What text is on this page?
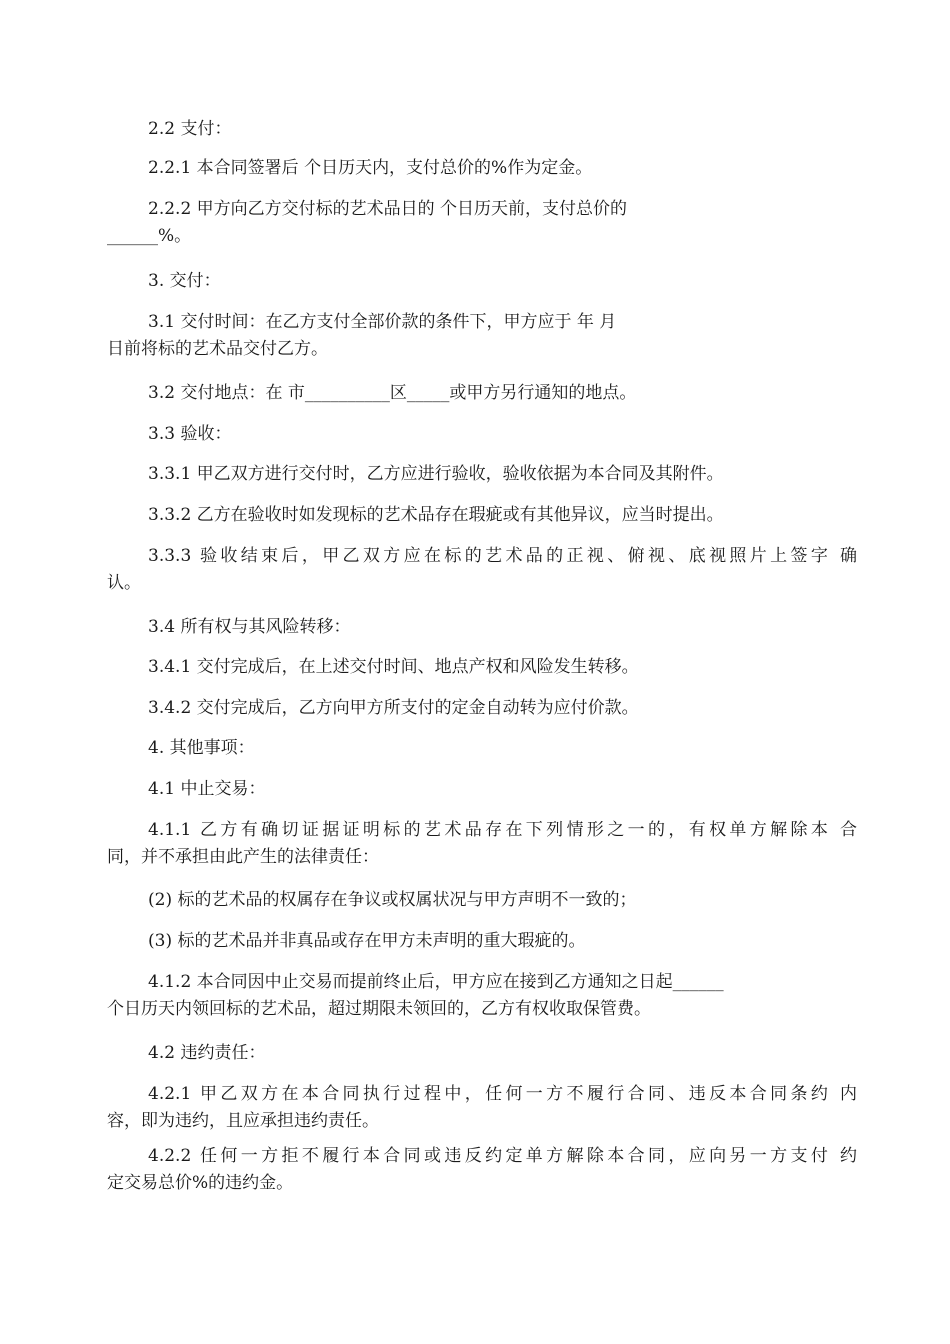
2.2 支付：
2.2.1 本合同签署后 个日历天内，支付总价的%作为定金。
2.2.2 甲方向乙方交付标的艺术品日的 个日历天前，支付总价的
______%。
3. 交付：
3.1 交付时间：在乙方支付全部价款的条件下，甲方应于 年 月
日前将标的艺术品交付乙方。
3.2 交付地点：在 市__________区_____或甲方另行通知的地点。
3.3 验收：
3.3.1 甲乙双方进行交付时，乙方应进行验收，验收依据为本合同及其附件。
3.3.2 乙方在验收时如发现标的艺术品存在瑕疵或有其他异议，应当时提出。
3.3.3 验收结束后，甲乙双方应在标的艺术品的正视、俯视、底视照片上签字 确
认。
3.4 所有权与其风险转移：
3.4.1 交付完成后，在上述交付时间、地点产权和风险发生转移。
3.4.2 交付完成后，乙方向甲方所支付的定金自动转为应付价款。
4. 其他事项：
4.1 中止交易：
4.1.1 乙方有确切证据证明标的艺术品存在下列情形之一的，有权单方解除本 合
同，并不承担由此产生的法律责任：
(2) 标的艺术品的权属存在争议或权属状况与甲方声明不一致的；
(3) 标的艺术品并非真品或存在甲方未声明的重大瑕疵的。
4.1.2 本合同因中止交易而提前终止后，甲方应在接到乙方通知之日起______
个日历天内领回标的艺术品，超过期限未领回的，乙方有权收取保管费。
4.2 违约责任：
4.2.1 甲乙双方在本合同执行过程中，任何一方不履行合同、违反本合同条约 内
容，即为违约，且应承担违约责任。
4.2.2 任何一方拒不履行本合同或违反约定单方解除本合同，应向另一方支付 约
定交易总价%的违约金。
